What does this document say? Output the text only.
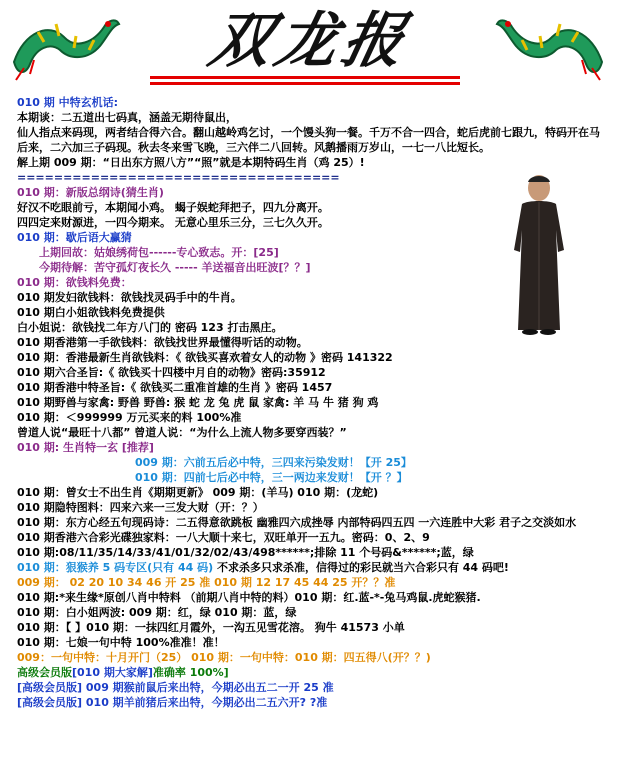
双龙报
010 期 中特玄机话:
本期谈：二五道出七码真，涵盖无期待鼠出，
仙人指点来码现，两者结合得六合。翻山越岭鸡乞讨，一个馒头狗一餐。千万不合一四合，蛇后虎前七跟九，特码开在马后来，二六加三子码现。秋去冬来雪飞晚，三六伴二八回转。风鹅播雨万岁山，一七一八比短长。
解上期 009 期：“日出东方照八方”“照”就是本期特码生肖（鸡 25）!
===================================
010 期：新版总纲诗(猜生肖)
好汉不吃眼前亏，本期闻小鸡。 蝎子娱蛇拜把子，四九分离开。
四四定来财源进，一四今期来。 无意心里乐三分，三七久久开。
010 期：歇后语大赢猜
上期回故：姑娘绣荷包------专心致志。开：[25]
今期待解：苦守孤灯夜长久 ----- 羊送福音出旺波[？？]
010 期：欲钱料免费：
010 期发妇欲钱料：欲钱找灵码手中的牛肖。
010 期白小姐欲钱料免费提供
白小姐说：欲钱找二年方八门的 密码 123 打击黑庄。
010 期香港第一手欲钱料：欲钱找世界最懂得听话的动物。
010 期：香港最新生肖欲钱料：《 欲钱买喜欢着女人的动物 》密码 141322
010 期六合圣旨:《 欲钱买十四楼中月自的动物》密码:35912
010 期香港中特圣旨:《 欲钱买二重准首雄的生肖 》密码 1457
010 期野兽与家禽: 野兽 野兽: 猴 蛇 龙 兔 虎 鼠 家禽: 羊 马 牛 猪 狗 鸡
010 期：＜999999 万元买来的料 100%准
曾道人说“最旺十八都” 曾道人说：“为什么上流人物多要穿西装？”
010 期: 生肖特一玄 [推荐]
009 期：六前五后必中特，三四来污染发财！【开 25】
010 期：四前七后必中特，三一两边来发财！【开 ？】
010 期：曾女士不出生肖《期期更新》 009 期：(羊马) 010 期：(龙蛇)
010 期隐特图料：四来六来一三发大财（开：？）
010 期：东方心经五句现码诗：二五得意欲跳板 幽雅四六成挫辱 内部特码四五四 一六连胜中大彩 君子之交淡如水
010 期香港六合彩光碟独家料：一八大顺十来七，双旺单开一五九。密码：0、2、9
010 期:08/11/35/14/33/41/01/32/02/43/498******;排除 11 个号码&******;蓝，绿
010 期：狠猴养 5 码专区(只有 44 码) 不求杀多只求杀准，信得过的彩民就当六合彩只有 44 码吧!
009 期： 02 20 10 34 46 开 25 准 010 期 12 17 45 44 25 开？？准
010 期:*来生缘*原创八肖中特料 （前期八肖中特的料）010 期：红.蓝-*-兔马鸡鼠.虎蛇猴猪.
010 期：白小姐两波: 009 期：红，绿 010 期：蓝，绿
010 期：【 】010 期：一抹四红月霞外，一沟五见雪花溶。 狗牛 41573 小单
010 期：七娘一句中特 100%准准！准！
009：一句中特：十月开门（25） 010 期：一句中特：010 期：四五得八(开？？)
高级会员版[010 期大家解]准确率 100%]
[高级会员版] 009 期猴前鼠后来出特，今期必出五二一开 25 准
[高级会员版] 010 期羊前猪后来出特，今期必出二五六开? ?准
